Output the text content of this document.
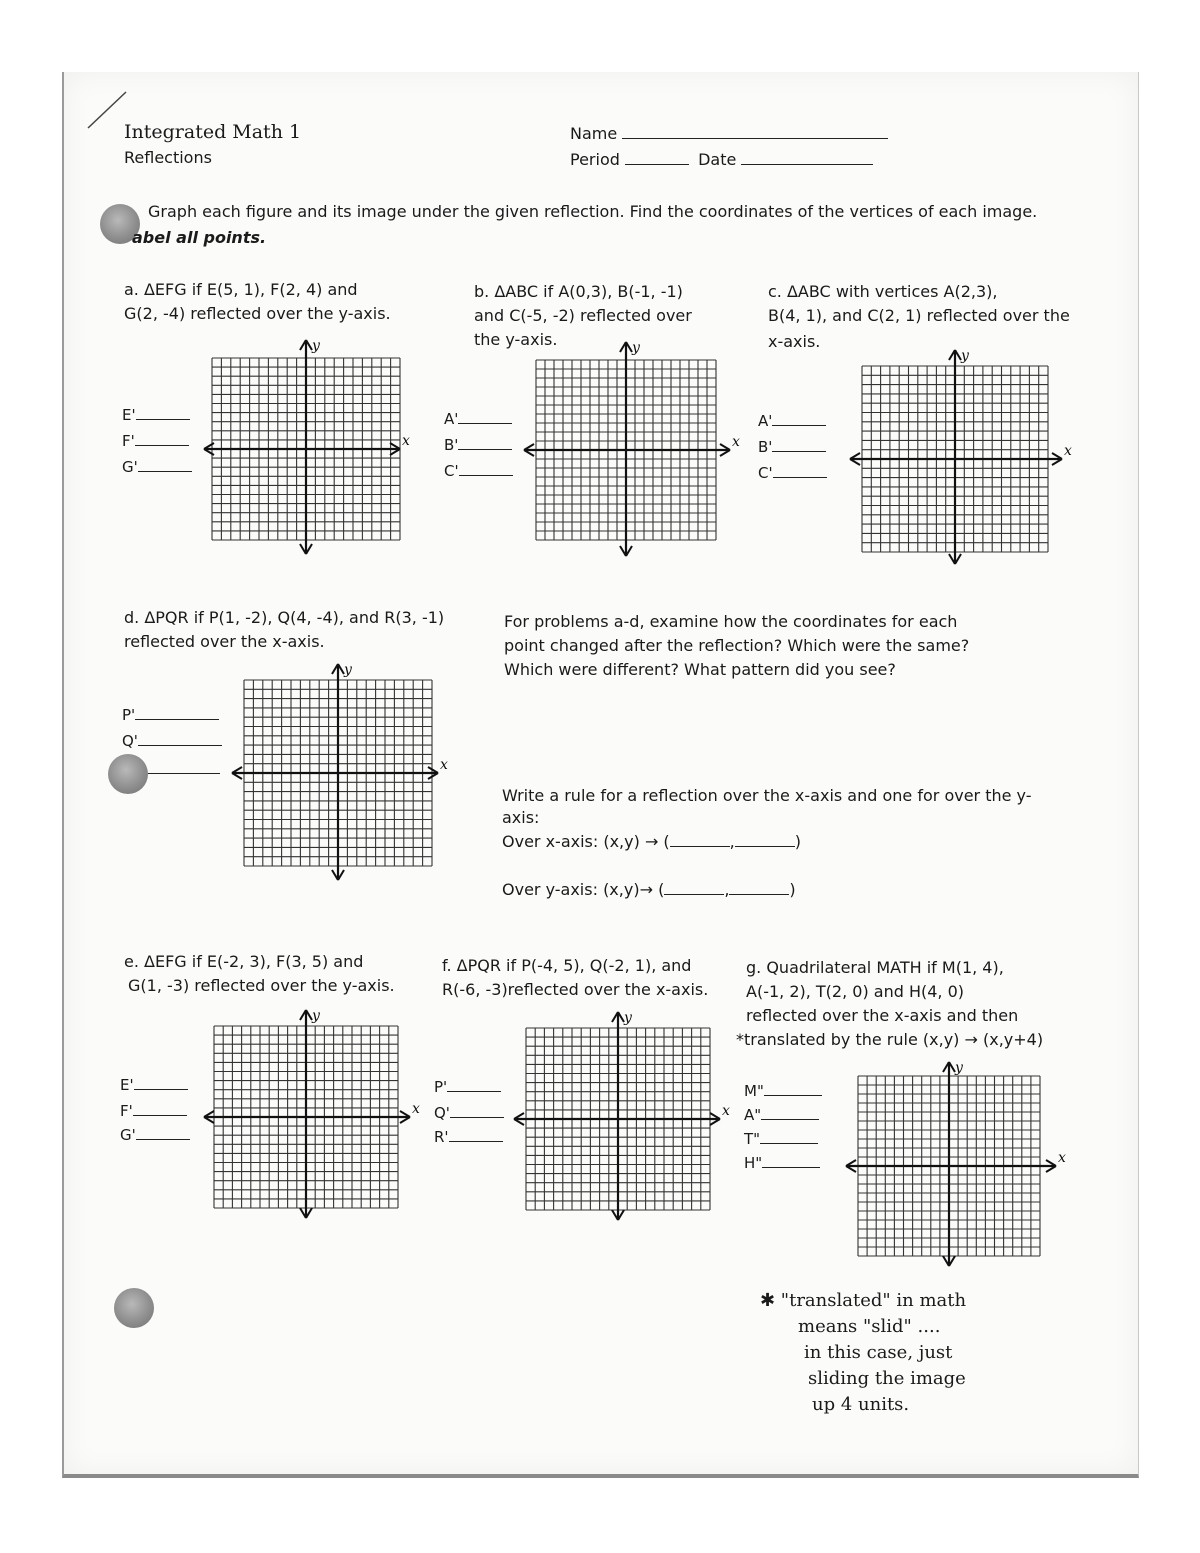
Integrated Math 1
Reflections
Name
Period	Date
Graph each figure and its image under the given reflection. Find the coordinates of the vertices of each image.
abel all points.
a. ΔEFG if E(5, 1), F(2, 4) and
G(2, -4) reflected over the y-axis.
E'
F'
G'
x
y
b. ΔABC if A(0,3), B(-1, -1)
and C(-5, -2) reflected over
the y-axis.
A'
B'
C'
x
y
c. ΔABC with vertices A(2,3),
B(4, 1), and C(2, 1) reflected over the
x-axis.
A'
B'
C'
x
y
d. ΔPQR if P(1, -2), Q(4, -4), and R(3, -1)
reflected over the x-axis.
P'
Q'
x
y
For problems a-d, examine how the coordinates for each
point changed after the reflection? Which were the same?
Which were different? What pattern did you see?
Write a rule for a reflection over the x-axis and one for over the y-
axis:
Over x-axis: (x,y) → (	,	)
Over y-axis: (x,y)→ (	,	)
e. ΔEFG if E(-2, 3), F(3, 5) and
G(1, -3) reflected over the y-axis.
E'
F'
G'
x
y
f. ΔPQR if P(-4, 5), Q(-2, 1), and
R(-6, -3)reflected over the x-axis.
P'
Q'
R'
x
y
g. Quadrilateral MATH if M(1, 4),
A(-1, 2), T(2, 0) and H(4, 0)
reflected over the x-axis and then
*translated by the rule (x,y) → (x,y+4)
M"
A"
T"
H"	x
y
✱ "translated" in math
means "slid" ....
in this case, just
sliding the image
up 4 units.
